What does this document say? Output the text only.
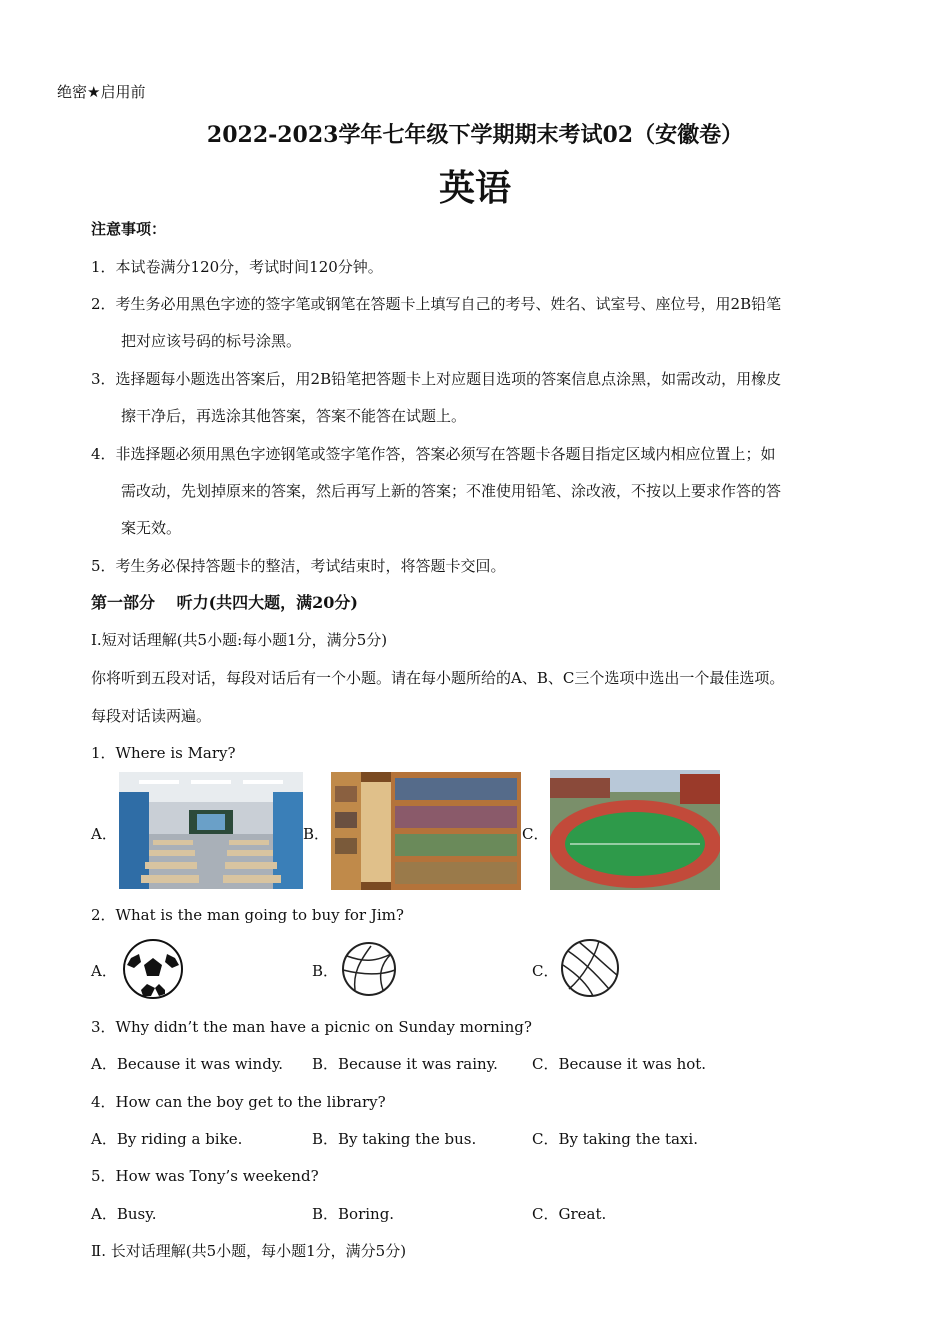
绝密★启用前
2022-2023学年七年级下学期期末考试02（安徽卷）
英语
注意事项：
1．本试卷满分120分，考试时间120分钟。
2．考生务必用黑色字迹的签字笔或钢笔在答题卡上填写自己的考号、姓名、试室号、座位号，用2B铅笔
把对应该号码的标号涂黑。
3．选择题每小题选出答案后，用2B铅笔把答题卡上对应题目选项的答案信息点涂黑，如需改动，用橡皮
擦干净后，再选涂其他答案，答案不能答在试题上。
4．非选择题必须用黑色字迹钢笔或签字笔作答，答案必须写在答题卡各题目指定区域内相应位置上；如
需改动，先划掉原来的答案，然后再写上新的答案；不准使用铅笔、涂改液，不按以上要求作答的答
案无效。
5．考生务必保持答题卡的整洁，考试结束时，将答题卡交回。
第一部分　 听力(共四大题，满20分)
Ⅰ.短对话理解(共5小题:每小题1分，满分5分)
你将听到五段对话，每段对话后有一个小题。请在每小题所给的A、B、C三个选项中选出一个最佳选项。
每段对话读两遍。
1．Where is Mary?
A．	B．	C．
2．What is the man going to buy for Jim?
A．	B．	C．
3．Why didn’t the man have a picnic on Sunday morning?
A．Because it was windy. B．Because it was rainy. C．Because it was hot.
4．How can the boy get to the library?
A．By riding a bike.	B．By taking the bus.	C．By taking the taxi.
5．How was Tony’s weekend?
A．Busy.	B．Boring.	C．Great.
Ⅱ. 长对话理解(共5小题，每小题1分，满分5分)
